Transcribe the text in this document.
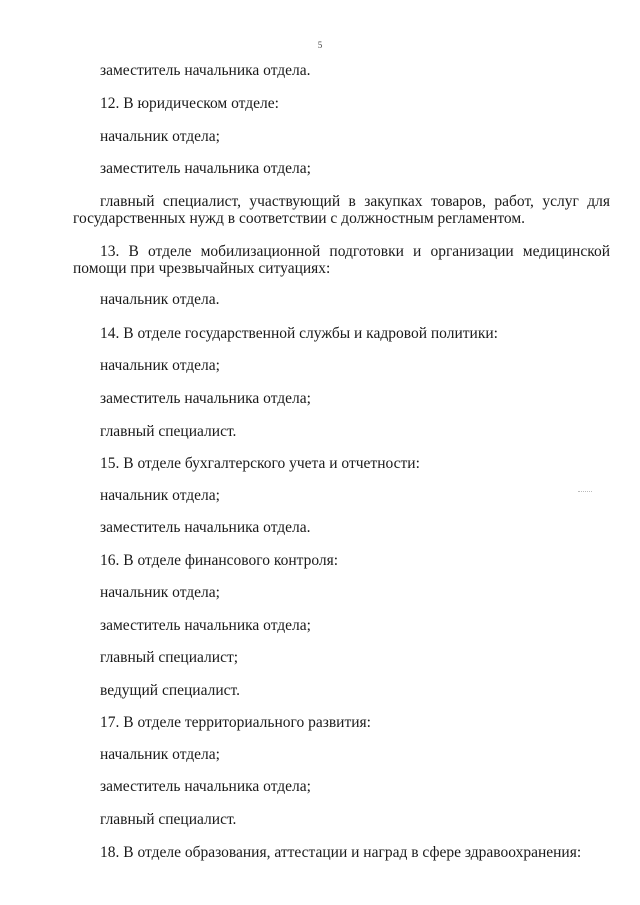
5
заместитель начальника отдела.
12. В юридическом отделе:
начальник отдела;
заместитель начальника отдела;
главный специалист, участвующий в закупках товаров, работ, услуг для
государственных нужд в соответствии с должностным регламентом.
13. В отделе мобилизационной подготовки и организации медицинской
помощи при чрезвычайных ситуациях:
начальник отдела.
14. В отделе государственной службы и кадровой политики:
начальник отдела;
заместитель начальника отдела;
главный специалист.
15. В отделе бухгалтерского учета и отчетности:
начальник отдела;
заместитель начальника отдела.
16. В отделе финансового контроля:
начальник отдела;
заместитель начальника отдела;
главный специалист;
ведущий специалист.
17. В отделе территориального развития:
начальник отдела;
заместитель начальника отдела;
главный специалист.
18. В отделе образования, аттестации и наград в сфере здравоохранения:
